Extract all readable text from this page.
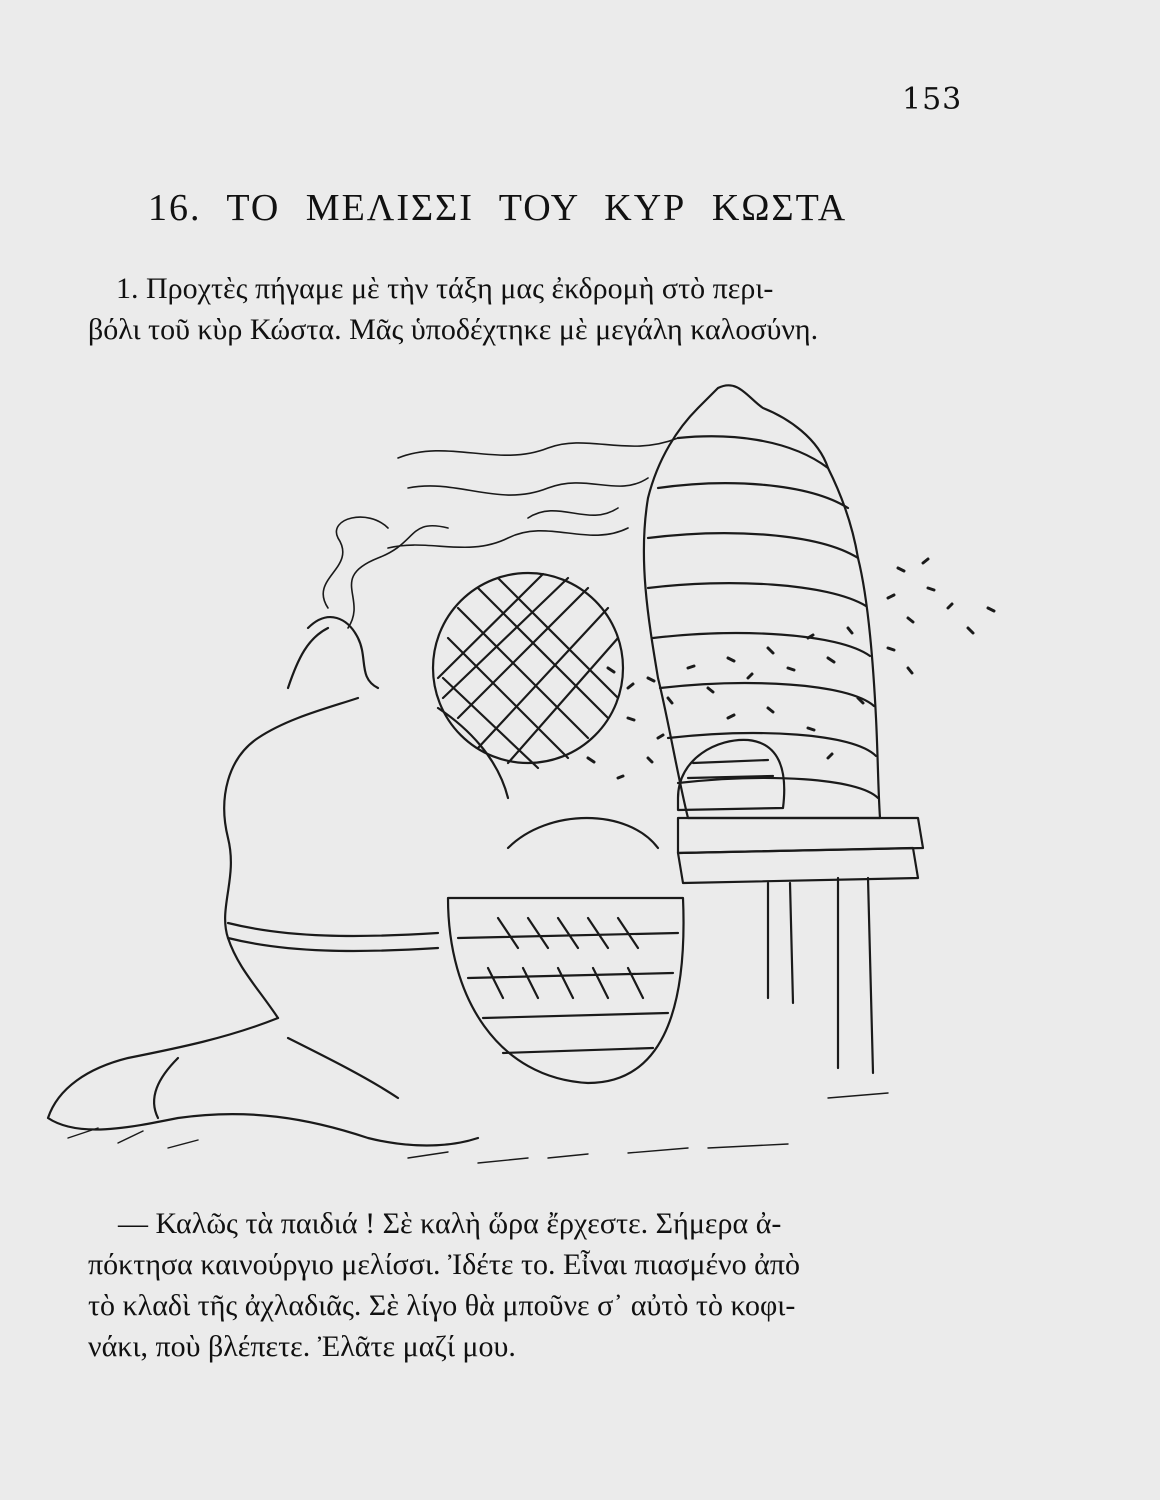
153
16. ΤΟ ΜΕΛΙΣΣΙ ΤΟΥ ΚΥΡ ΚΩΣΤΑ
1. Προχτὲς πήγαμε μὲ τὴν τάξη μας ἐκδρομὴ στὸ περι-
βόλι τοῦ κὺρ Κώστα. Μᾶς ὑποδέχτηκε μὲ μεγάλη καλοσύνη.
— Καλῶς τὰ παιδιά ! Σὲ καλὴ ὥρα ἔρχεστε. Σήμερα ἀ-
πόκτησα καινούργιο μελίσσι. Ἰδέτε το. Εἶναι πιασμένο ἀπὸ
τὸ κλαδὶ τῆς ἀχλαδιᾶς. Σὲ λίγο θὰ μποῦνε σ᾽ αὐτὸ τὸ κοφι-
νάκι, ποὺ βλέπετε. Ἐλᾶτε μαζί μου.
